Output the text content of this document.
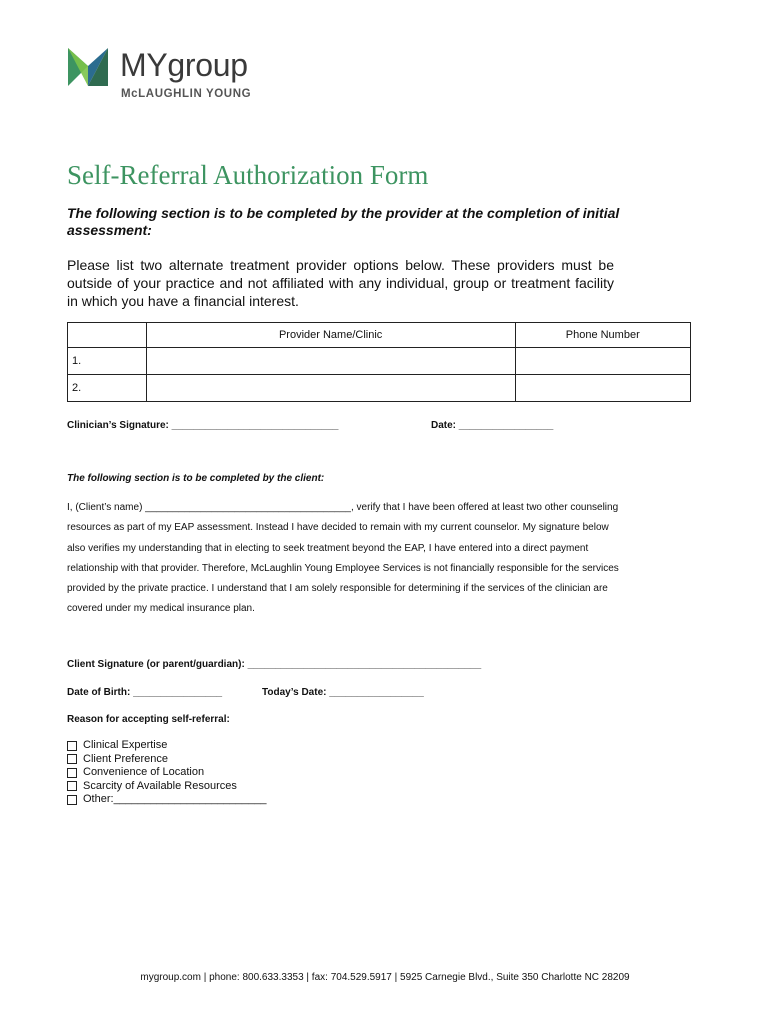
MYgroup
McLAUGHLIN YOUNG
Self-Referral Authorization Form
The following section is to be completed by the provider at the completion of initial assessment:
Please list two alternate treatment provider options below. These providers must be outside of your practice and not affiliated with any individual, group or treatment facility in which you have a financial interest.
	Provider Name/Clinic	Phone Number
1.		
2.		
Clinician’s Signature: ______________________________	Date: _________________
The following section is to be completed by the client:
I, (Client’s name) _____________________________________, verify that I have been offered at least two other counseling resources as part of my EAP assessment. Instead I have decided to remain with my current counselor. My signature below also verifies my understanding that in electing to seek treatment beyond the EAP, I have entered into a direct payment relationship with that provider. Therefore, McLaughlin Young Employee Services is not financially responsible for the services provided by the private practice. I understand that I am solely responsible for determining if the services of the clinician are covered under my medical insurance plan.
Client Signature (or parent/guardian): __________________________________________
Date of Birth: ________________	Today’s Date: _________________
Reason for accepting self-referral:
Clinical Expertise
Client Preference
Convenience of Location
Scarcity of Available Resources
Other:_________________________
mygroup.com | phone: 800.633.3353 | fax: 704.529.5917 | 5925 Carnegie Blvd., Suite 350 Charlotte NC 28209
